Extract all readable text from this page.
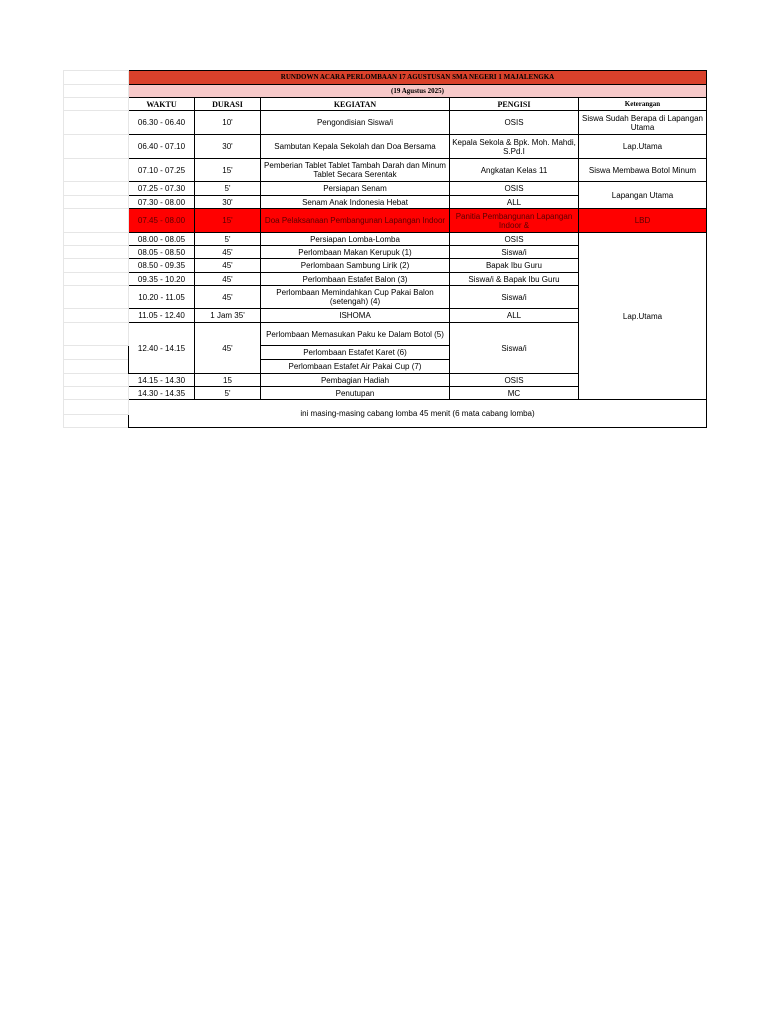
	RUNDOWN ACARA PERLOMBAAN 17 AGUSTUSAN SMA NEGERI 1 MAJALENGKA				
	(19 Agustus 2025)				
	WAKTU	DURASI	KEGIATAN	PENGISI	Keterangan
	06.30 - 06.40	10'	Pengondisian Siswa/i	OSIS	Siswa Sudah Berapa di Lapangan Utama
	06.40 - 07.10	30'	Sambutan Kepala Sekolah dan Doa Bersama	Kepala Sekola & Bpk. Moh. Mahdi, S.Pd.I	Lap.Utama
	07.10 - 07.25	15'	Pemberian Tablet Tablet Tambah Darah dan Minum Tablet Secara Serentak	Angkatan Kelas 11	Siswa Membawa Botol Minum
	07.25 - 07.30	5'	Persiapan Senam	OSIS	Lapangan Utama
	07.30 - 08.00	30'	Senam Anak Indonesia Hebat	ALL	
	07.45 - 08.00	15'	Doa Pelaksanaan Pembangunan Lapangan Indoor	Panitia Pembangunan Lapangan Indoor &	LBD
	08.00 - 08.05	5'	Persiapan Lomba-Lomba	OSIS	Lap.Utama
	08.05 - 08.50	45'	Perlombaan Makan Kerupuk (1)	Siswa/i	
	08.50 - 09.35	45'	Perlombaan Sambung Lirik (2)	Bapak Ibu Guru	
	09.35 - 10.20	45'	Perlombaan Estafet Balon (3)	Siswa/i & Bapak Ibu Guru	
	10.20 - 11.05	45'	Perlombaan Memindahkan Cup Pakai Balon (setengah) (4)	Siswa/i	
	11.05 - 12.40	1 Jam 35'	ISHOMA	ALL	
	12.40 - 14.15	45'	Perlombaan Memasukan Paku ke Dalam Botol (5)	Siswa/i	
			Perlombaan Estafet Karet (6)		
			Perlombaan Estafet Air Pakai Cup (7)		
	14.15 - 14.30	15	Pembagian Hadiah	OSIS	
	14.30 - 14.35	5'	Penutupan	MC	
	ini masing-masing cabang lomba 45 menit (6 mata cabang lomba)				
